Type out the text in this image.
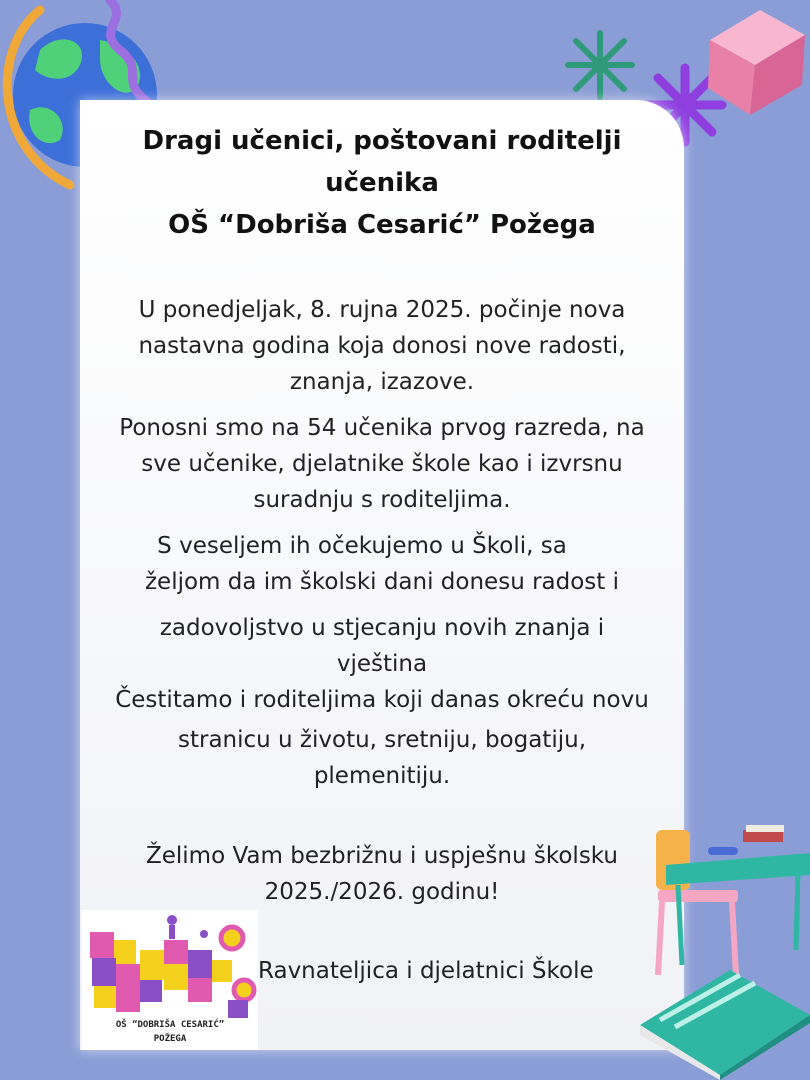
Dragi učenici, poštovani roditelji
učenika
OŠ “Dobriša Cesarić” Požega
U ponedjeljak, 8. rujna 2025. počinje nova
nastavna godina koja donosi nove radosti,
znanja, izazove.
Ponosni smo na 54 učenika prvog razreda, na
sve učenike, djelatnike škole kao i izvrsnu
suradnju s roditeljima.
S veseljem ih očekujemo u Školi, sa
željom da im školski dani donesu radost i
zadovoljstvo u stjecanju novih znanja i
vještina
Čestitamo i roditeljima koji danas okreću novu
stranicu u životu, sretniju, bogatiju,
plemenitiju.
Želimo Vam bezbrižnu i uspješnu školsku
2025./2026. godinu!
Ravnateljica i djelatnici Škole
OŠ “DOBRIŠA CESARIĆ”
POŽEGA
